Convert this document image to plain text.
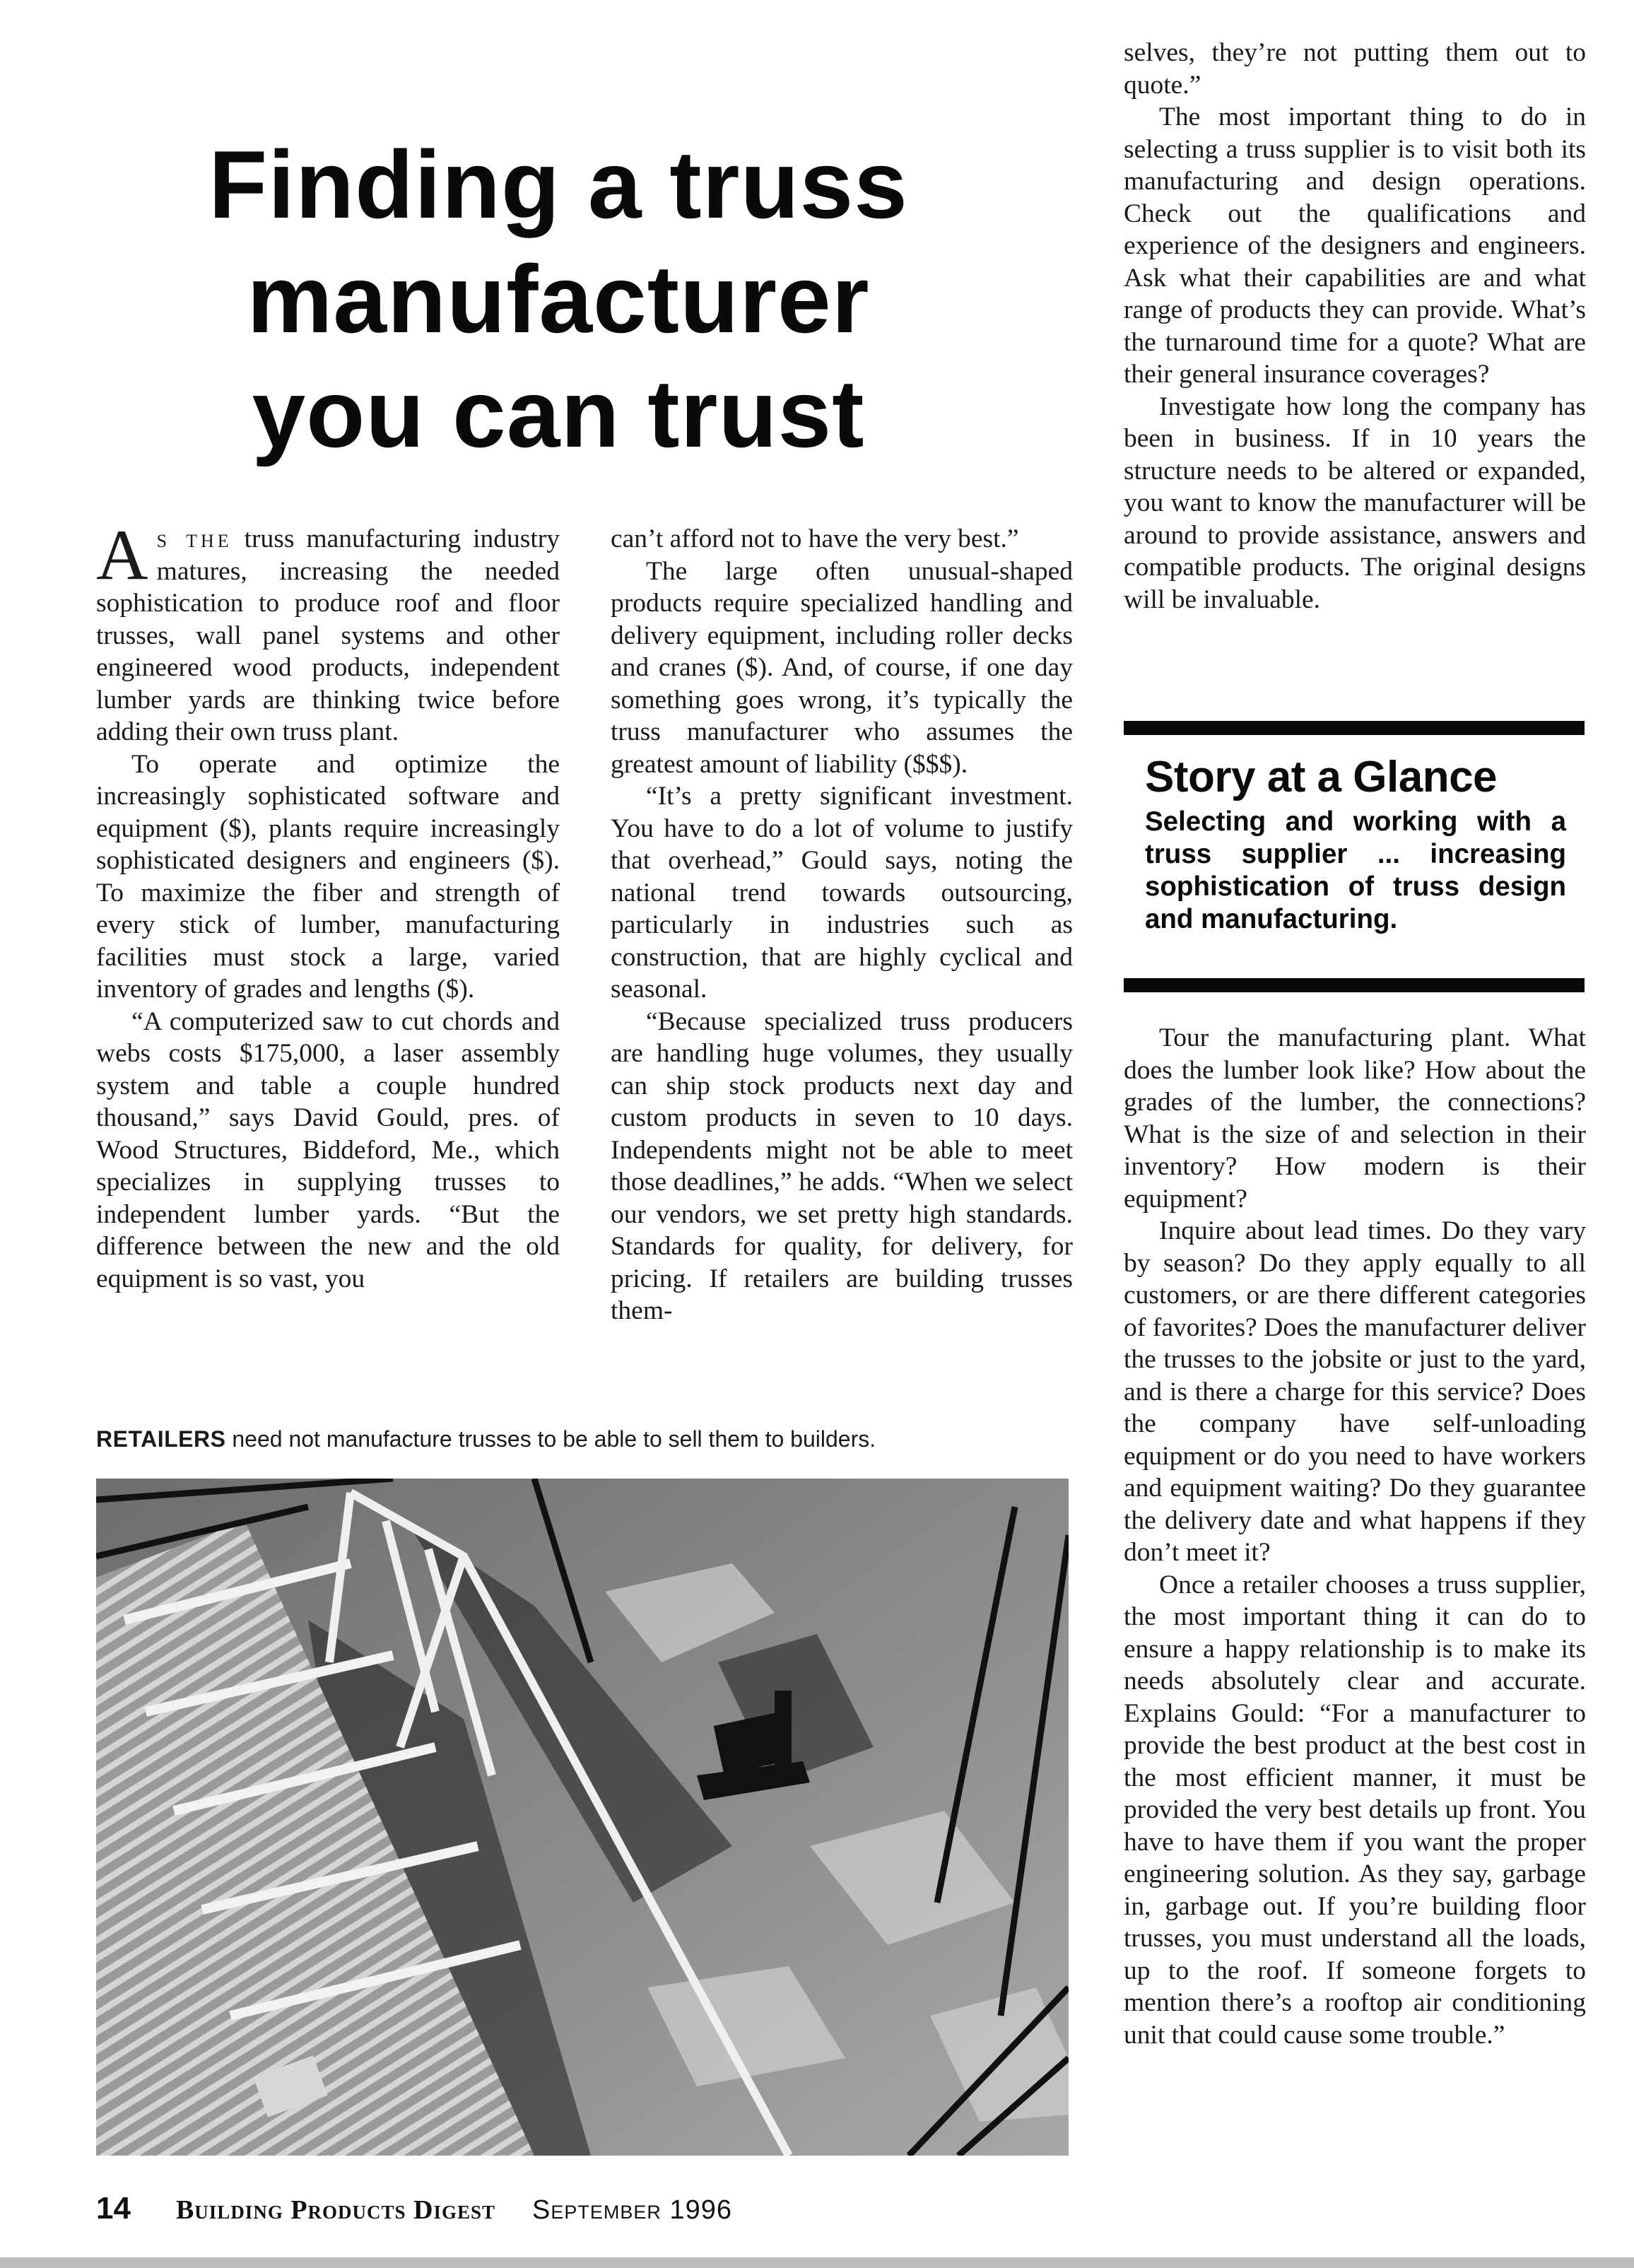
Finding a truss
manufacturer
you can trust

As the truss manufacturing industry matures, increasing the needed sophistication to produce roof and floor trusses, wall panel systems and other engineered wood products, independent lumber yards are thinking twice before adding their own truss plant.

To operate and optimize the increasingly sophisticated software and equipment ($), plants require increasingly sophisticated designers and engineers ($). To maximize the fiber and strength of every stick of lumber, manufacturing facilities must stock a large, varied inventory of grades and lengths ($).

“A computerized saw to cut chords and webs costs $175,000, a laser assembly system and table a couple hundred thousand,” says David Gould, pres. of Wood Structures, Biddeford, Me., which specializes in supplying trusses to independent lumber yards. “But the difference between the new and the old equipment is so vast, you

can’t afford not to have the very best.”

The large often unusual-shaped products require specialized handling and delivery equipment, including roller decks and cranes ($). And, of course, if one day something goes wrong, it’s typically the truss manufacturer who assumes the greatest amount of liability ($$$).

“It’s a pretty significant investment. You have to do a lot of volume to justify that overhead,” Gould says, noting the national trend towards outsourcing, particularly in industries such as construction, that are highly cyclical and seasonal.

“Because specialized truss producers are handling huge volumes, they usually can ship stock products next day and custom products in seven to 10 days. Independents might not be able to meet those deadlines,” he adds. “When we select our vendors, we set pretty high standards. Standards for quality, for delivery, for pricing. If retailers are building trusses them-

selves, they’re not putting them out to quote.”

The most important thing to do in selecting a truss supplier is to visit both its manufacturing and design operations. Check out the qualifications and experience of the designers and engineers. Ask what their capabilities are and what range of products they can provide. What’s the turnaround time for a quote? What are their general insurance coverages?

Investigate how long the company has been in business. If in 10 years the structure needs to be altered or expanded, you want to know the manufacturer will be around to provide assistance, answers and compatible products. The original designs will be invaluable.

Story at a Glance
Selecting and working with a truss supplier ... increasing sophistication of truss design and manufacturing.

Tour the manufacturing plant. What does the lumber look like? How about the grades of the lumber, the connections? What is the size of and selection in their inventory? How modern is their equipment?

Inquire about lead times. Do they vary by season? Do they apply equally to all customers, or are there different categories of favorites? Does the manufacturer deliver the trusses to the jobsite or just to the yard, and is there a charge for this service? Does the company have self-unloading equipment or do you need to have workers and equipment waiting? Do they guarantee the delivery date and what happens if they don’t meet it?

Once a retailer chooses a truss supplier, the most important thing it can do to ensure a happy relationship is to make its needs absolutely clear and accurate. Explains Gould: “For a manufacturer to provide the best product at the best cost in the most efficient manner, it must be provided the very best details up front. You have to have them if you want the proper engineering solution. As they say, garbage in, garbage out. If you’re building floor trusses, you must understand all the loads, up to the roof. If someone forgets to mention there’s a rooftop air conditioning unit that could cause some trouble.”

RETAILERS need not manufacture trusses to be able to sell them to builders.
14 Building Products Digest September 1996
